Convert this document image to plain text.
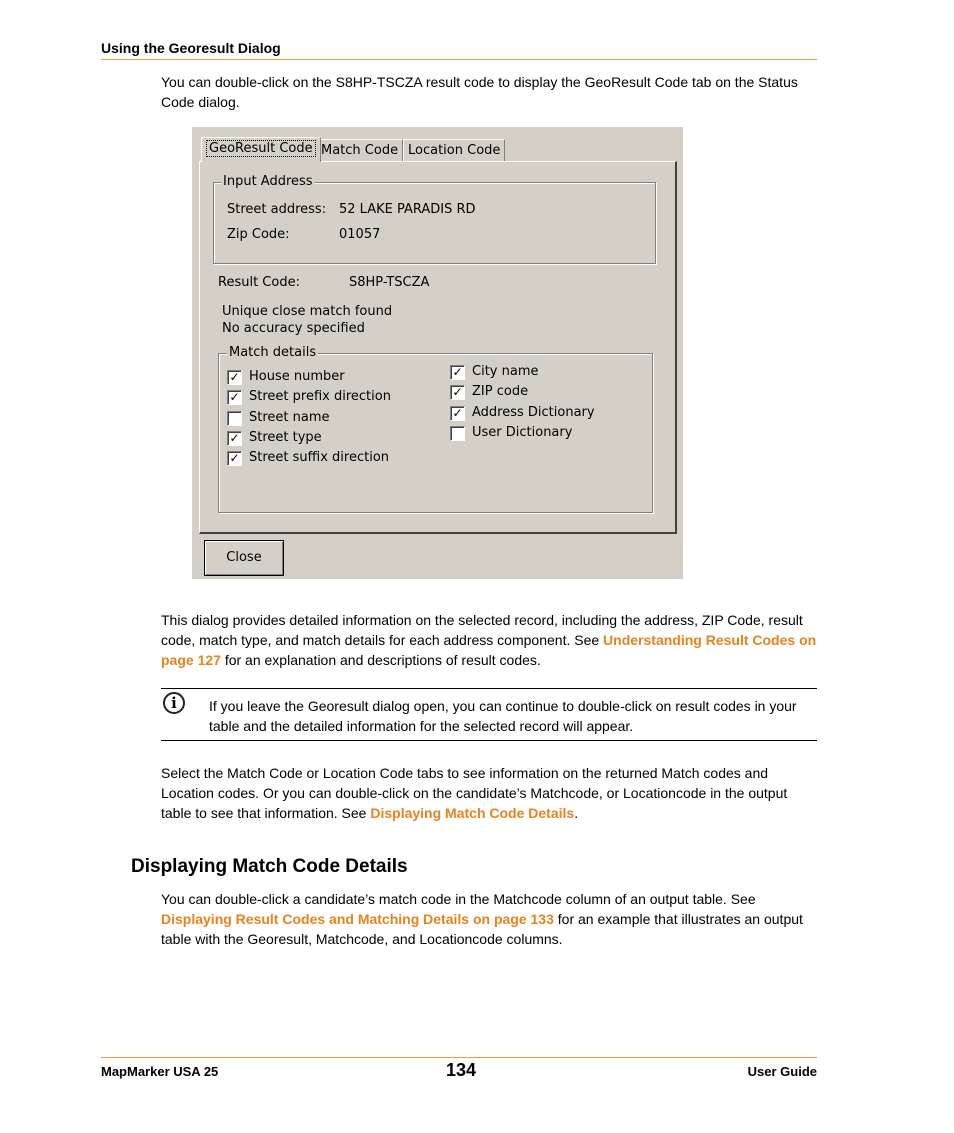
Using the Georesult Dialog
You can double-click on the S8HP-TSCZA result code to display the GeoResult Code tab on the Status Code dialog.
GeoResult Code Match Code Location Code
Input Address
Street address: 52 LAKE PARADIS RD
Zip Code:	01057
Result Code:	S8HP-TSCZA
Unique close match found
No accuracy specified
Match details
✓ House number
✓ Street prefix direction
Street name
✓ Street type
✓ Street suffix direction
✓ City name
✓ ZIP code
✓ Address Dictionary
User Dictionary
Close
This dialog provides detailed information on the selected record, including the address, ZIP Code, result code, match type, and match details for each address component. See Understanding Result Codes on page 127 for an explanation and descriptions of result codes.
i	If you leave the Georesult dialog open, you can continue to double-click on result codes in your table and the detailed information for the selected record will appear.
Select the Match Code or Location Code tabs to see information on the returned Match codes and Location codes. Or you can double-click on the candidate’s Matchcode, or Locationcode in the output table to see that information. See Displaying Match Code Details.
Displaying Match Code Details
You can double-click a candidate’s match code in the Matchcode column of an output table. See Displaying Result Codes and Matching Details on page 133 for an example that illustrates an output table with the Georesult, Matchcode, and Locationcode columns.
MapMarker USA 25	134	User Guide
